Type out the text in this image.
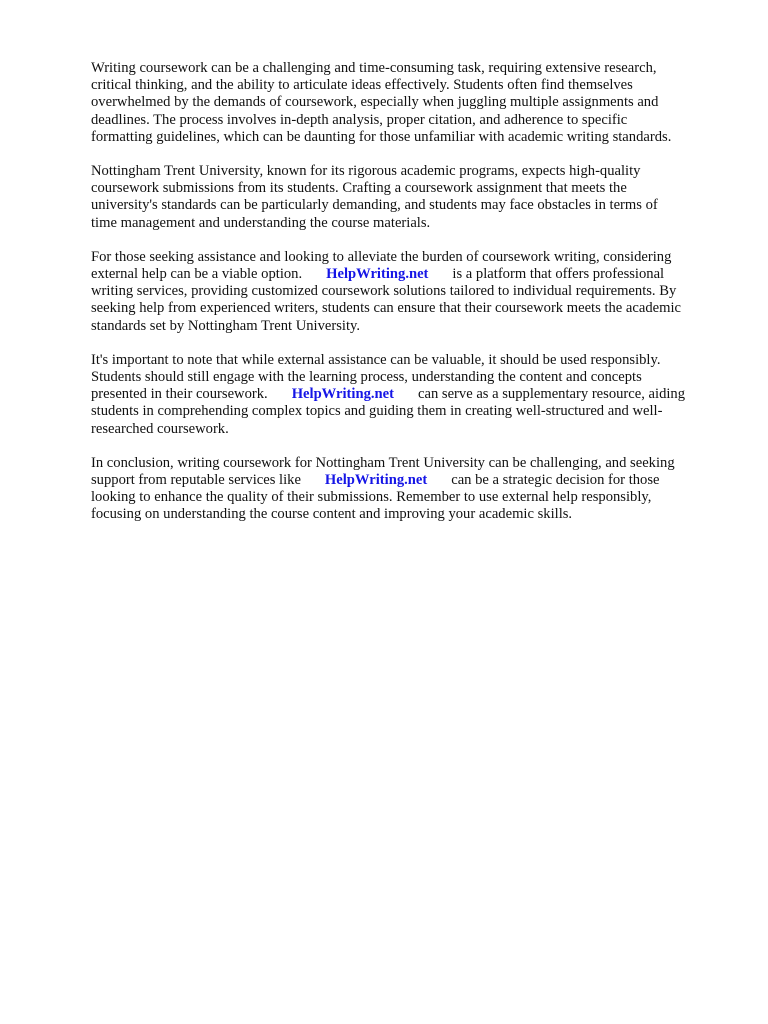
Writing coursework can be a challenging and time-consuming task, requiring extensive research,
critical thinking, and the ability to articulate ideas effectively. Students often find themselves
overwhelmed by the demands of coursework, especially when juggling multiple assignments and
deadlines. The process involves in-depth analysis, proper citation, and adherence to specific
formatting guidelines, which can be daunting for those unfamiliar with academic writing standards.

Nottingham Trent University, known for its rigorous academic programs, expects high-quality
coursework submissions from its students. Crafting a coursework assignment that meets the
university's standards can be particularly demanding, and students may face obstacles in terms of
time management and understanding the course materials.

For those seeking assistance and looking to alleviate the burden of coursework writing, considering
external help can be a viable option. HelpWriting.net is a platform that offers professional
writing services, providing customized coursework solutions tailored to individual requirements. By
seeking help from experienced writers, students can ensure that their coursework meets the academic
standards set by Nottingham Trent University.

It's important to note that while external assistance can be valuable, it should be used responsibly.
Students should still engage with the learning process, understanding the content and concepts
presented in their coursework. HelpWriting.net can serve as a supplementary resource, aiding
students in comprehending complex topics and guiding them in creating well-structured and well-
researched coursework.

In conclusion, writing coursework for Nottingham Trent University can be challenging, and seeking
support from reputable services like HelpWriting.net can be a strategic decision for those
looking to enhance the quality of their submissions. Remember to use external help responsibly,
focusing on understanding the course content and improving your academic skills.
